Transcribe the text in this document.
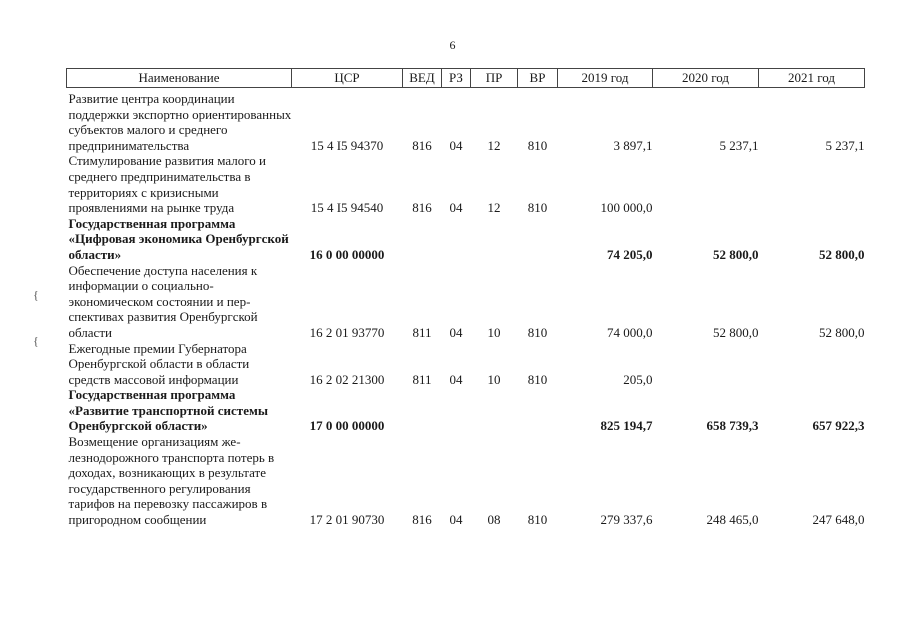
6
{
{
Наименование	ЦСР	ВЕД	РЗ	ПР	ВР	2019 год	2020 год	2021 год
Развитие центра координации поддержки экспортно ориентированных субъектов малого и среднего предпринимательства	15 4 I5 94370	816	04	12	810	3 897,1	5 237,1	5 237,1
Стимулирование развития малого и среднего предпринимательства в территориях с кризисными проявлениями на рынке труда	15 4 I5 94540	816	04	12	810	100 000,0		
Государственная программа «Цифровая экономика Оренбургской области»	16 0 00 00000					74 205,0	52 800,0	52 800,0
Обеспечение доступа населения к информации о социально-экономическом состоянии и перспективах развития Оренбургской области	16 2 01 93770	811	04	10	810	74 000,0	52 800,0	52 800,0
Ежегодные премии Губернатора Оренбургской области в области средств массовой информации	16 2 02 21300	811	04	10	810	205,0		
Государственная программа «Развитие транспортной системы Оренбургской области»	17 0 00 00000					825 194,7	658 739,3	657 922,3
Возмещение организациям железнодорожного транспорта потерь в доходах, возникающих в результате государственного регулирования тарифов на перевозку пассажиров в пригородном сообщении	17 2 01 90730	816	04	08	810	279 337,6	248 465,0	247 648,0
